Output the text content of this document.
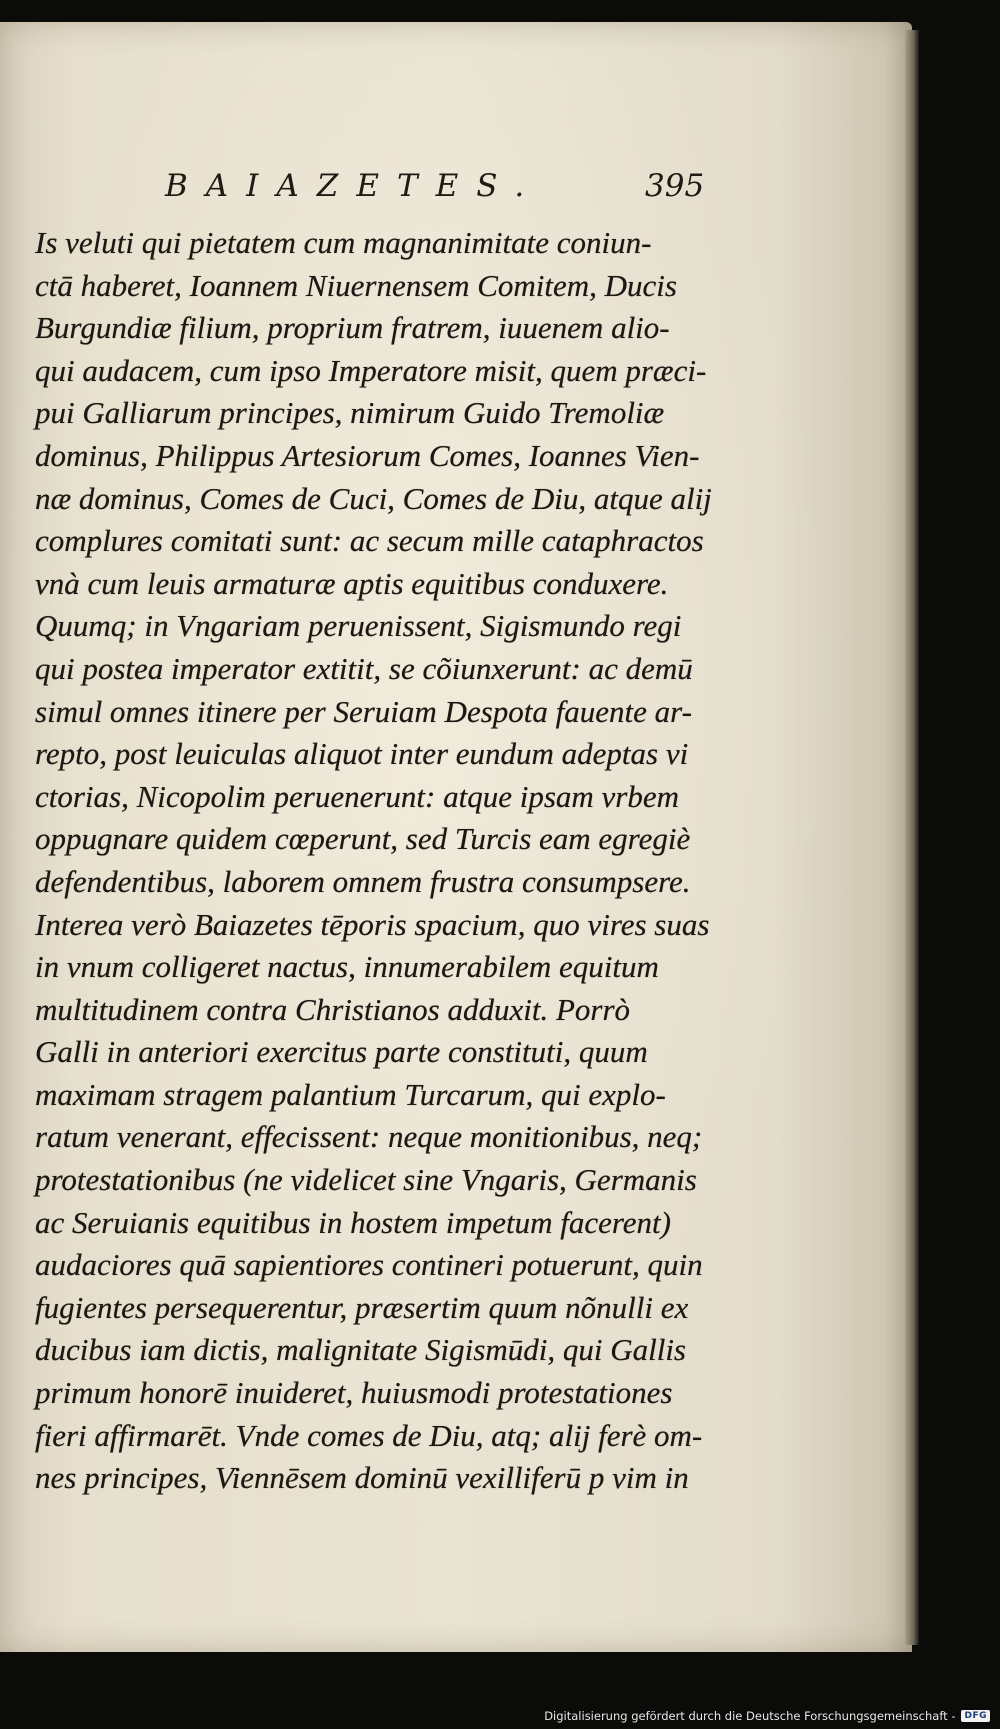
BAIAZETES.	395
Is veluti qui pietatem cum magnanimitate coniun-
ctā haberet, Ioannem Niuernensem Comitem, Ducis
Burgundiæ filium, proprium fratrem, iuuenem alio-
qui audacem, cum ipso Imperatore misit, quem præci-
pui Galliarum principes, nimirum Guido Tremoliæ
dominus, Philippus Artesiorum Comes, Ioannes Vien-
næ dominus, Comes de Cuci, Comes de Diu, atque alij
complures comitati sunt: ac secum mille cataphractos
vnà cum leuis armaturæ aptis equitibus conduxere.
Quumq; in Vngariam peruenissent, Sigismundo regi
qui postea imperator extitit, se cõiunxerunt: ac demū
simul omnes itinere per Seruiam Despota fauente ar-
repto, post leuiculas aliquot inter eundum adeptas vi
ctorias, Nicopolim peruenerunt: atque ipsam vrbem
oppugnare quidem cœperunt, sed Turcis eam egregiè
defendentibus, laborem omnem frustra consumpsere.
Interea verò Baiazetes tēporis spacium, quo vires suas
in vnum colligeret nactus, innumerabilem equitum
multitudinem contra Christianos adduxit. Porrò
Galli in anteriori exercitus parte constituti, quum
maximam stragem palantium Turcarum, qui explo-
ratum venerant, effecissent: neque monitionibus, neq;
protestationibus (ne videlicet sine Vngaris, Germanis
ac Seruianis equitibus in hostem impetum facerent)
audaciores quā sapientiores contineri potuerunt, quin
fugientes persequerentur, præsertim quum nõnulli ex
ducibus iam dictis, malignitate Sigismūdi, qui Gallis
primum honorē inuideret, huiusmodi protestationes
fieri affirmarēt. Vnde comes de Diu, atq; alij ferè om-
nes principes, Viennēsem dominū vexilliferū p vim in
Digitalisierung gefördert durch die Deutsche Forschungsgemeinschaft -	DFG
